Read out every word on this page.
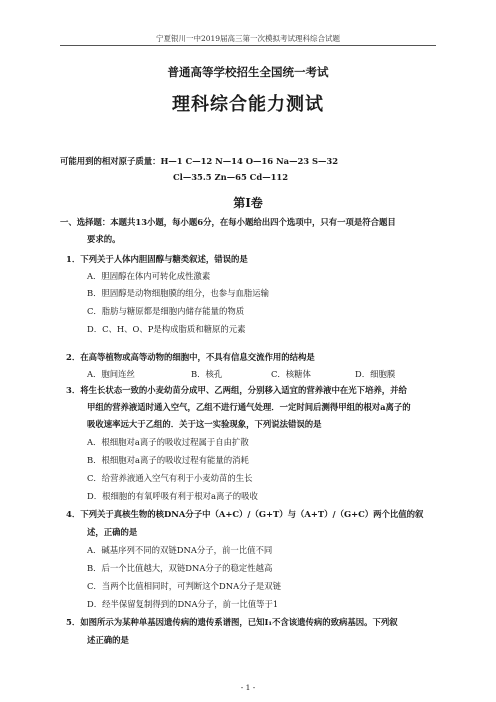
宁夏银川一中2019届高三第一次模拟考试理科综合试题
普通高等学校招生全国统一考试
理科综合能力测试
可能用到的相对原子质量：H—1 C—12 N—14 O—16 Na—23 S—32
Cl—35.5 Zn—65 Cd—112
第Ⅰ卷
一、选择题：本题共13小题，每小题6分，在每小题给出四个选项中，只有一项是符合题目
要求的。
1．下列关于人体内胆固醇与糖类叙述，错误的是
A．胆固醇在体内可转化成性激素
B．胆固醇是动物细胞膜的组分，也参与血脂运输
C．脂肪与糖原都是细胞内储存能量的物质
D．C、H、O、P是构成脂质和糖原的元素
2．在高等植物或高等动物的细胞中，不具有信息交流作用的结构是
A．胞间连丝	B．核孔	C．核糖体	D．细胞膜
3．将生长状态一致的小麦幼苗分成甲、乙两组，分别移入适宜的营养液中在光下培养，并给
甲组的营养液适时通入空气，乙组不进行通气处理．一定时间后测得甲组的根对a离子的
吸收速率远大于乙组的．关于这一实验现象，下列说法错误的是
A．根细胞对a离子的吸收过程属于自由扩散
B．根细胞对a离子的吸收过程有能量的消耗
C．给营养液通入空气有利于小麦幼苗的生长
D．根细胞的有氧呼吸有利于根对a离子的吸收
4．下列关于真核生物的核DNA分子中（A+C）/（G+T）与（A+T）/（G+C）两个比值的叙
述，正确的是
A．碱基序列不同的双链DNA分子，前一比值不同
B．后一个比值越大，双链DNA分子的稳定性越高
C．当两个比值相同时，可判断这个DNA分子是双链
D．经半保留复制得到的DNA分子，前一比值等于1
5．如图所示为某种单基因遗传病的遗传系谱图，已知Ⅰ₁不含该遗传病的致病基因。下列叙
述正确的是
- 1 -
